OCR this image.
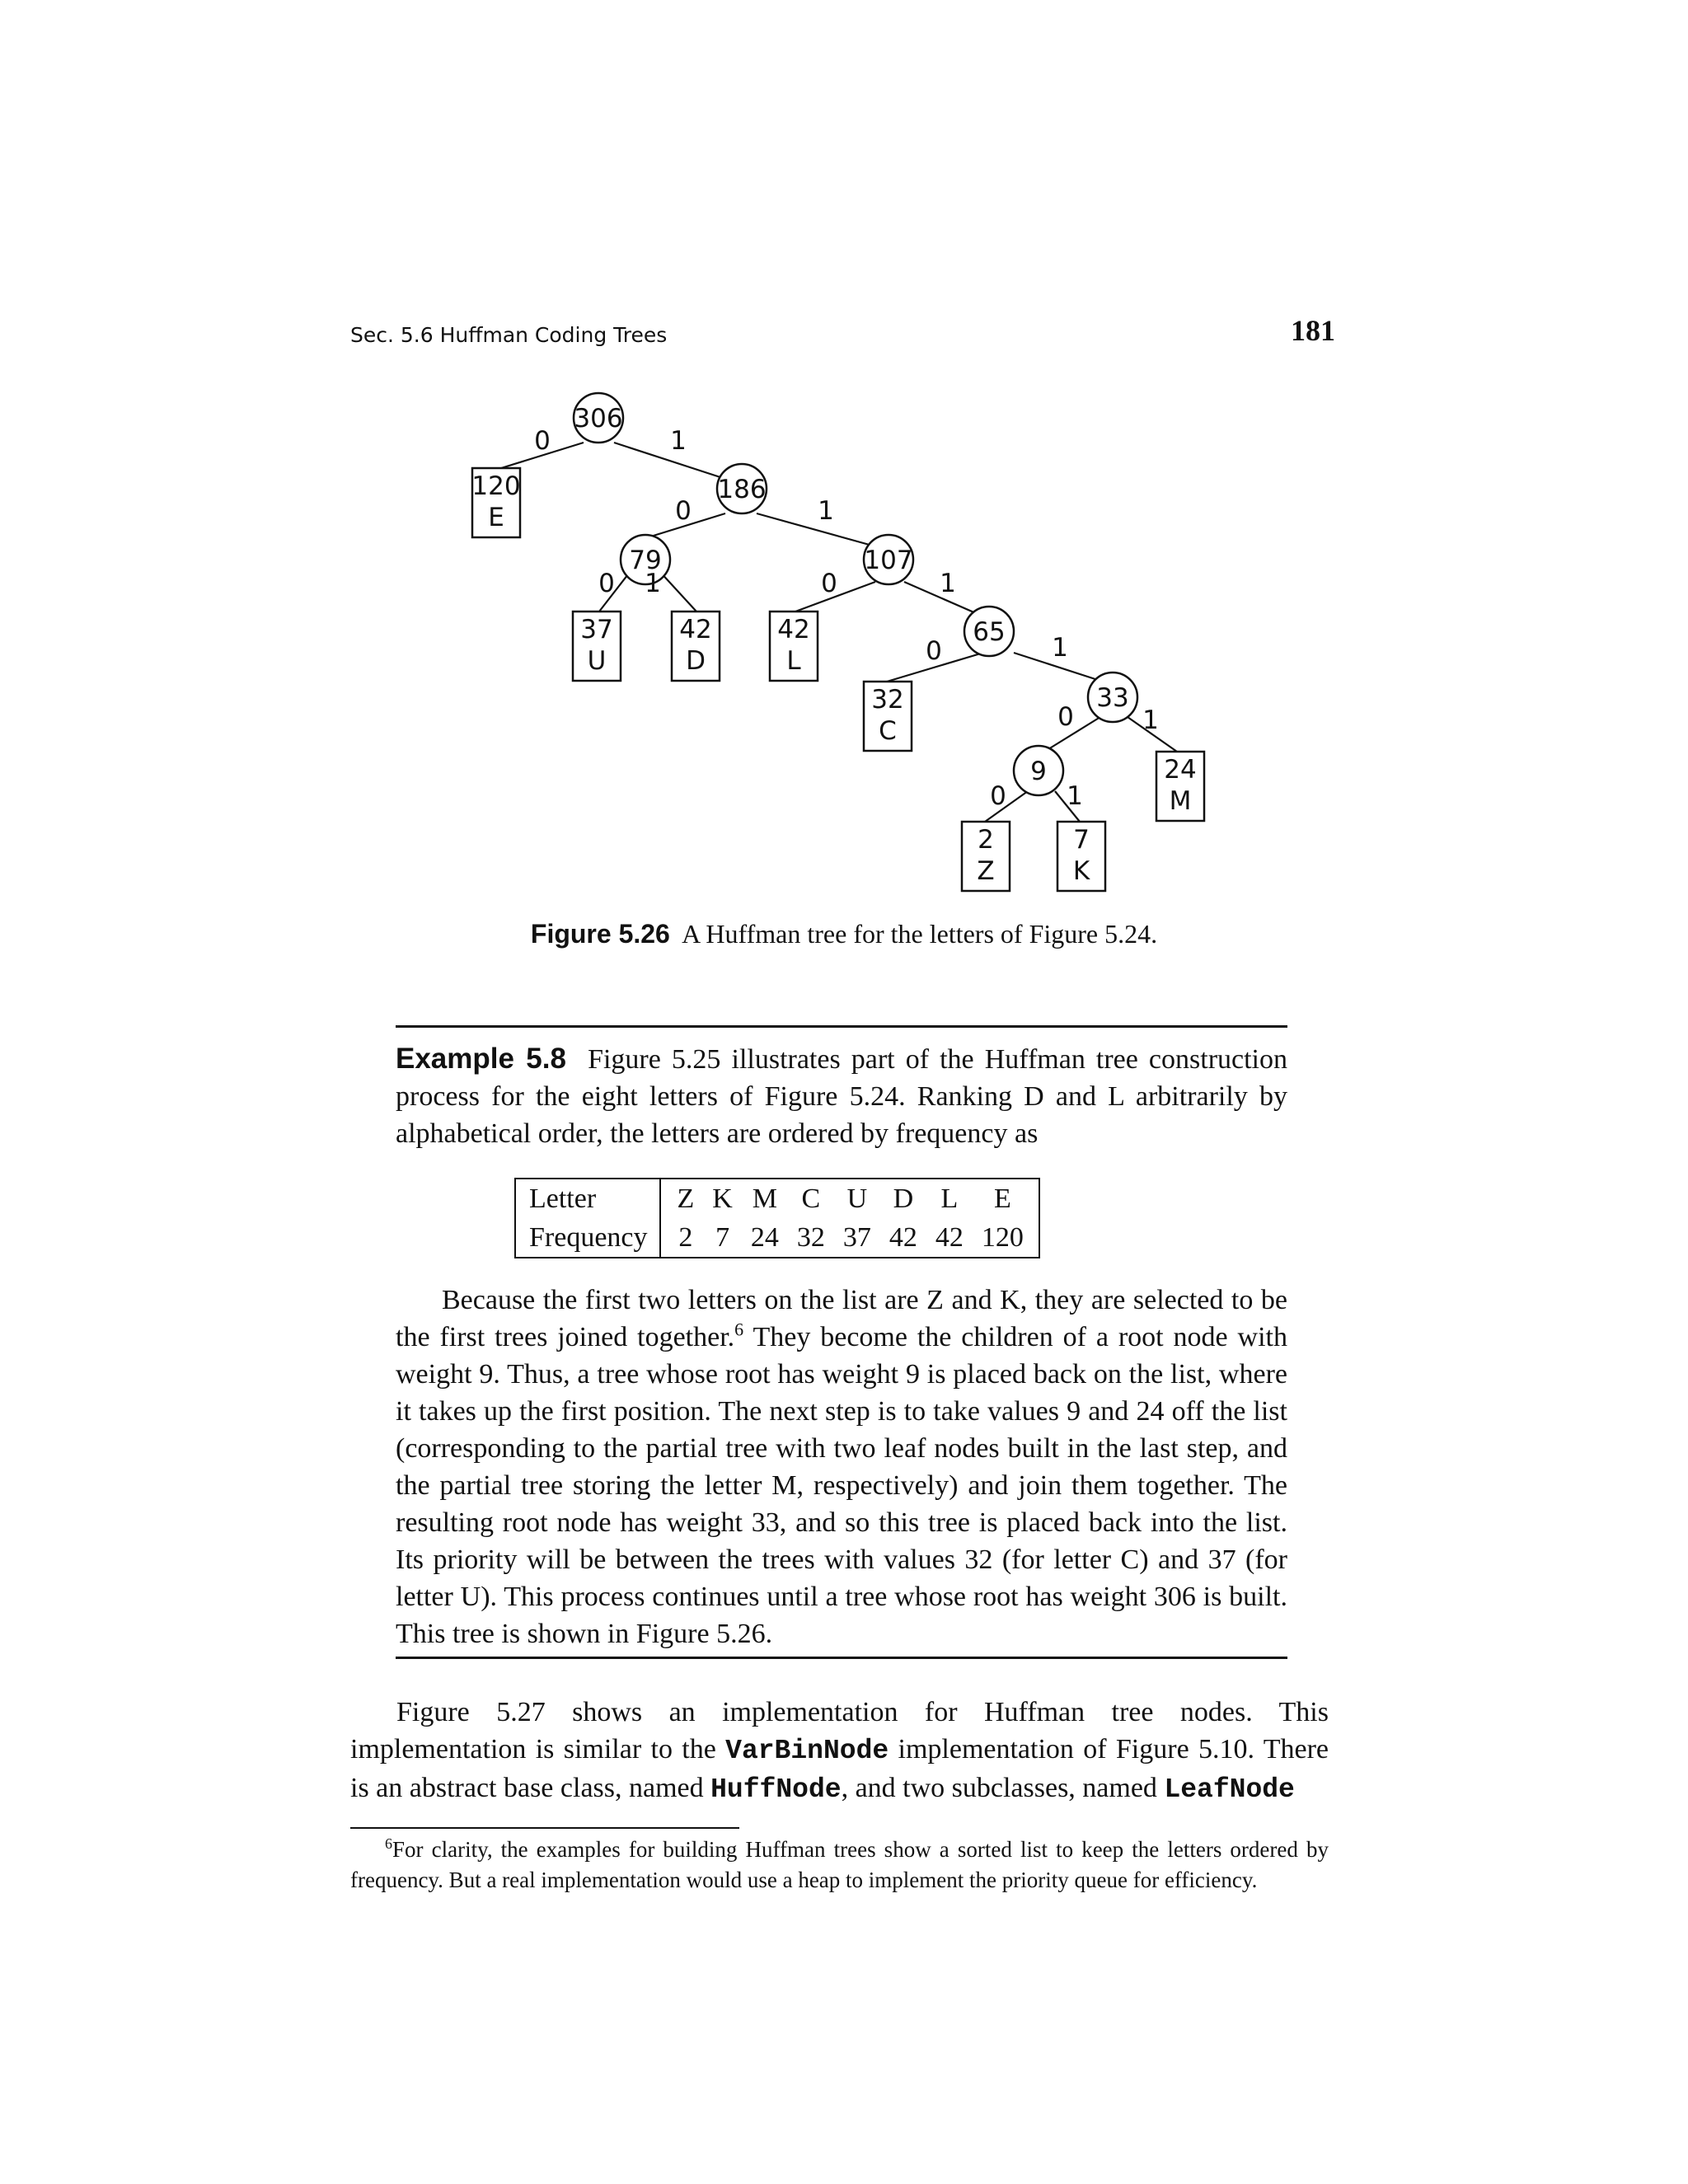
Sec. 5.6 Huffman Coding Trees	181
306
186
79	107
65
33
9
120
E
37
U
42
D
42
L
32
C
24
M
2
Z
7
K
0	1
0	1
0 1	0	1
0	1
0	1
0 1
Figure 5.26 A Huffman tree for the letters of Figure 5.24.
Example 5.8 Figure 5.25 illustrates part of the Huffman tree construction process for the eight letters of Figure 5.24. Ranking D and L arbitrarily by alphabetical order, the letters are ordered by frequency as
Letter	Z	K	M	C	U	D	L	E
Frequency	2	7	24	32	37	42	42	120

Because the first two letters on the list are Z and K, they are selected to be the first trees joined together.$^6$ They become the children of a root node with weight 9. Thus, a tree whose root has weight 9 is placed back on the list, where it takes up the first position. The next step is to take values 9 and 24 off the list (corresponding to the partial tree with two leaf nodes built in the last step, and the partial tree storing the letter M, respectively) and join them together. The resulting root node has weight 33, and so this tree is placed back into the list. Its priority will be between the trees with values 32 (for letter C) and 37 (for letter U). This process continues until a tree whose root has weight 306 is built. This tree is shown in Figure 5.26.

Figure 5.27 shows an implementation for Huffman tree nodes. This implementation is similar to the VarBinNode implementation of Figure 5.10. There is an abstract base class, named HuffNode, and two subclasses, named LeafNode

$^6$For clarity, the examples for building Huffman trees show a sorted list to keep the letters ordered by frequency. But a real implementation would use a heap to implement the priority queue for efficiency.
